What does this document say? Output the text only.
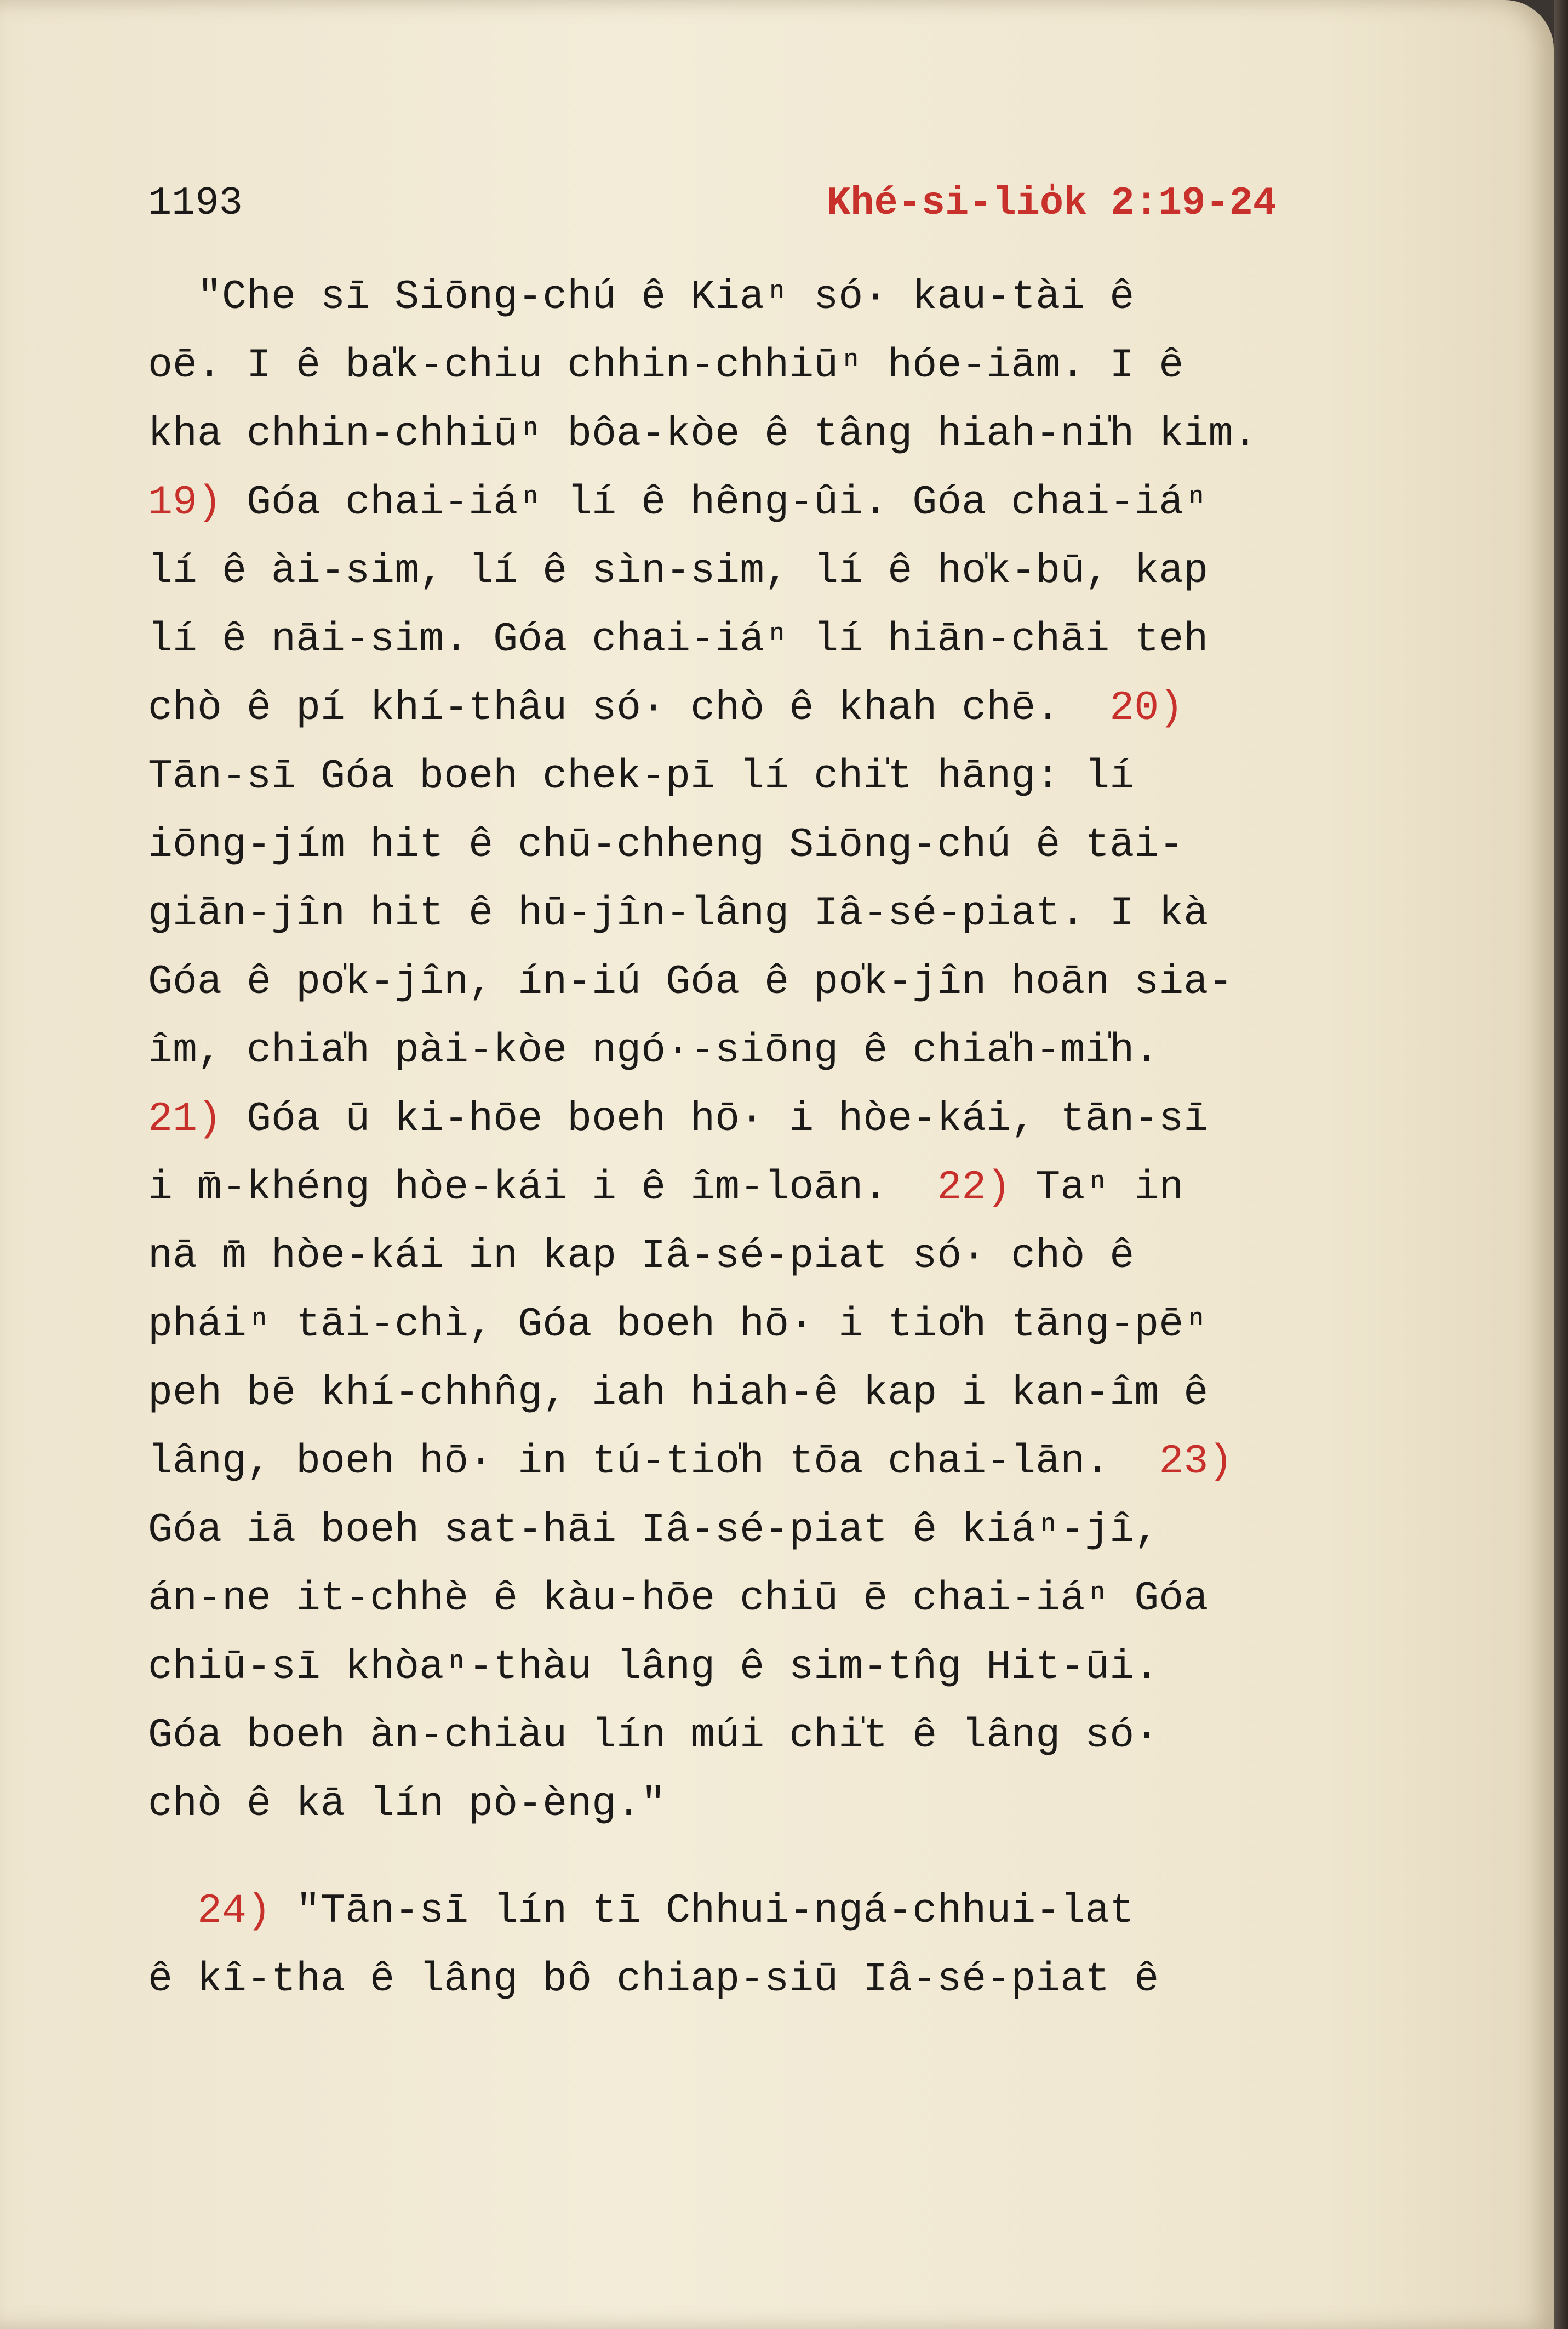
1193	Khé-si-lio̍k 2:19-24
"Che sī Siōng-chú ê Kiaⁿ só· kau-tài ê
oē. I ê ba̍k-chiu chhin-chhiūⁿ hóe-iām. I ê
kha chhin-chhiūⁿ bôa-kòe ê tâng hiah-ni̍h kim.
19) Góa chai-iáⁿ lí ê hêng-ûi. Góa chai-iáⁿ
lí ê ài-sim, lí ê sìn-sim, lí ê ho̍k-bū, kap
lí ê nāi-sim. Góa chai-iáⁿ lí hiān-chāi teh
chò ê pí khí-thâu só· chò ê khah chē.  20)
Tān-sī Góa boeh chek-pī lí chi̍t hāng: lí
iōng-jím hit ê chū-chheng Siōng-chú ê tāi-
giān-jîn hit ê hū-jîn-lâng Iâ-sé-piat. I kà
Góa ê po̍k-jîn, ín-iú Góa ê po̍k-jîn hoān sia-
îm, chia̍h pài-kòe ngó·-siōng ê chia̍h-mi̍h.
21) Góa ū ki-hōe boeh hō· i hòe-kái, tān-sī
i m̄-khéng hòe-kái i ê îm-loān.  22) Taⁿ in
nā m̄ hòe-kái in kap Iâ-sé-piat só· chò ê
pháiⁿ tāi-chì, Góa boeh hō· i tio̍h tāng-pēⁿ
peh bē khí-chhn̂g, iah hiah-ê kap i kan-îm ê
lâng, boeh hō· in tú-tio̍h tōa chai-lān.  23)
Góa iā boeh sat-hāi Iâ-sé-piat ê kiáⁿ-jî,
án-ne it-chhè ê kàu-hōe chiū ē chai-iáⁿ Góa
chiū-sī khòaⁿ-thàu lâng ê sim-tn̂g Hit-ūi.
Góa boeh àn-chiàu lín múi chi̍t ê lâng só·
chò ê kā lín pò-èng."
24) "Tān-sī lín tī Chhui-ngá-chhui-lat
ê kî-tha ê lâng bô chiap-siū Iâ-sé-piat ê
